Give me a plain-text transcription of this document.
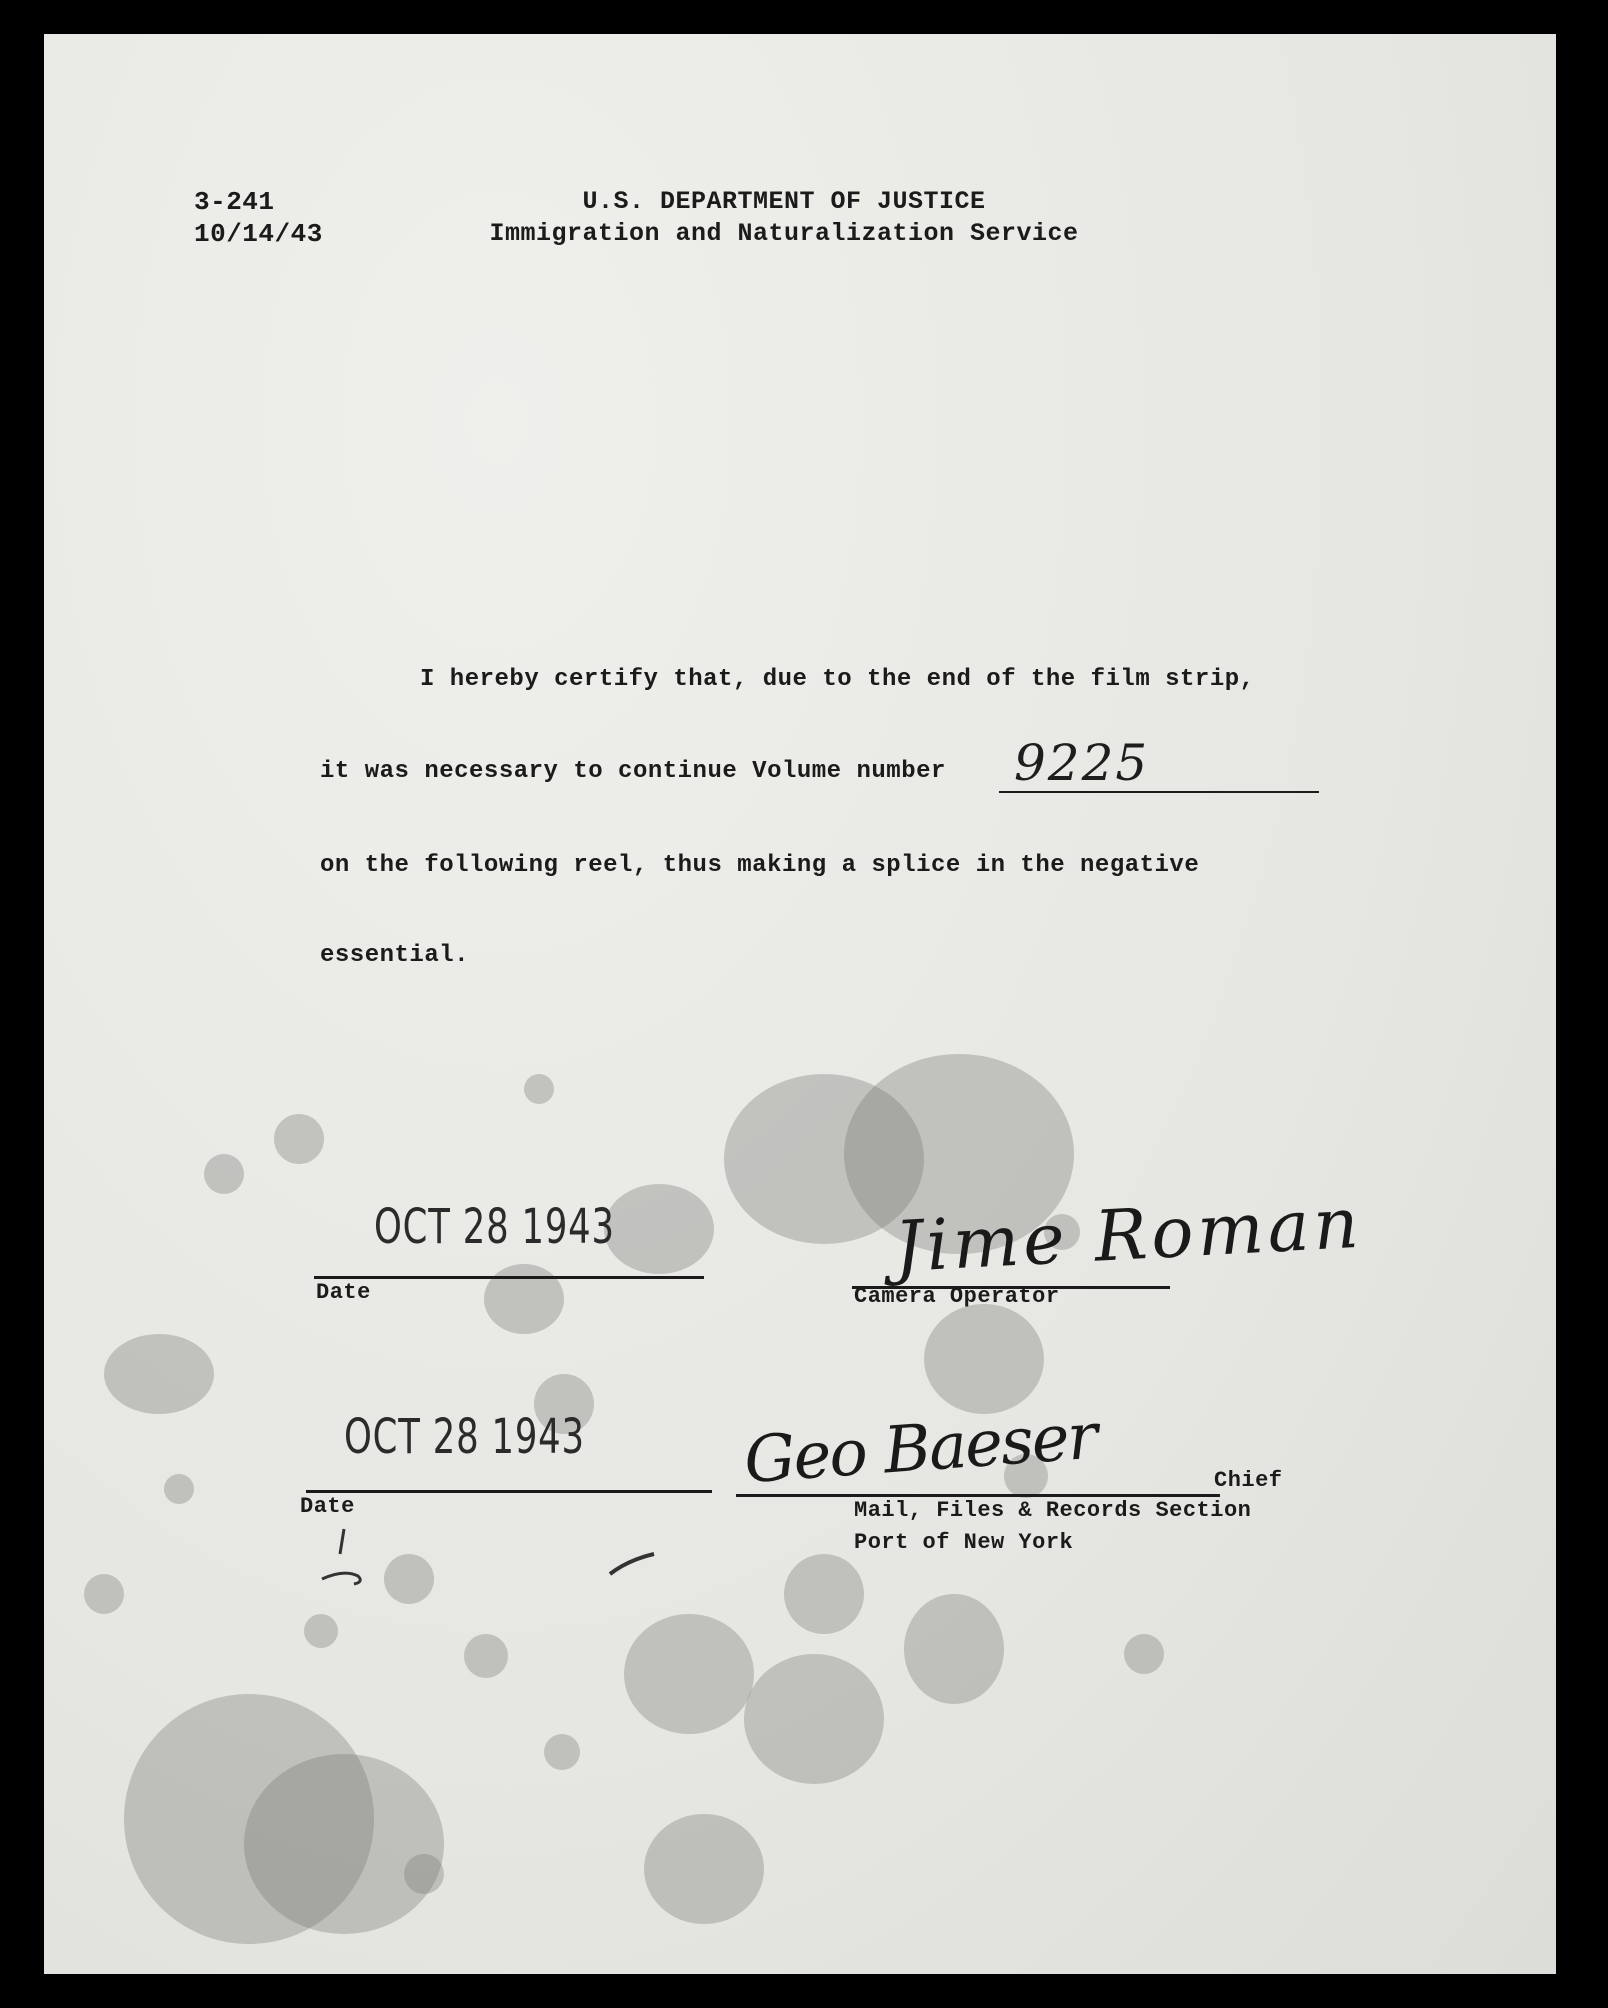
3-241
10/14/43
U.S. DEPARTMENT OF JUSTICE
Immigration and Naturalization Service
I hereby certify that, due to the end of the film strip,
it was necessary to continue Volume number 9225
on the following reel, thus making a splice in the negative
essential.
OCT 28 1943
Date
Jime Roman
Camera Operator
OCT 28 1943
Date
Geo Baeser	Chief
Mail, Files & Records Section
Port of New York
